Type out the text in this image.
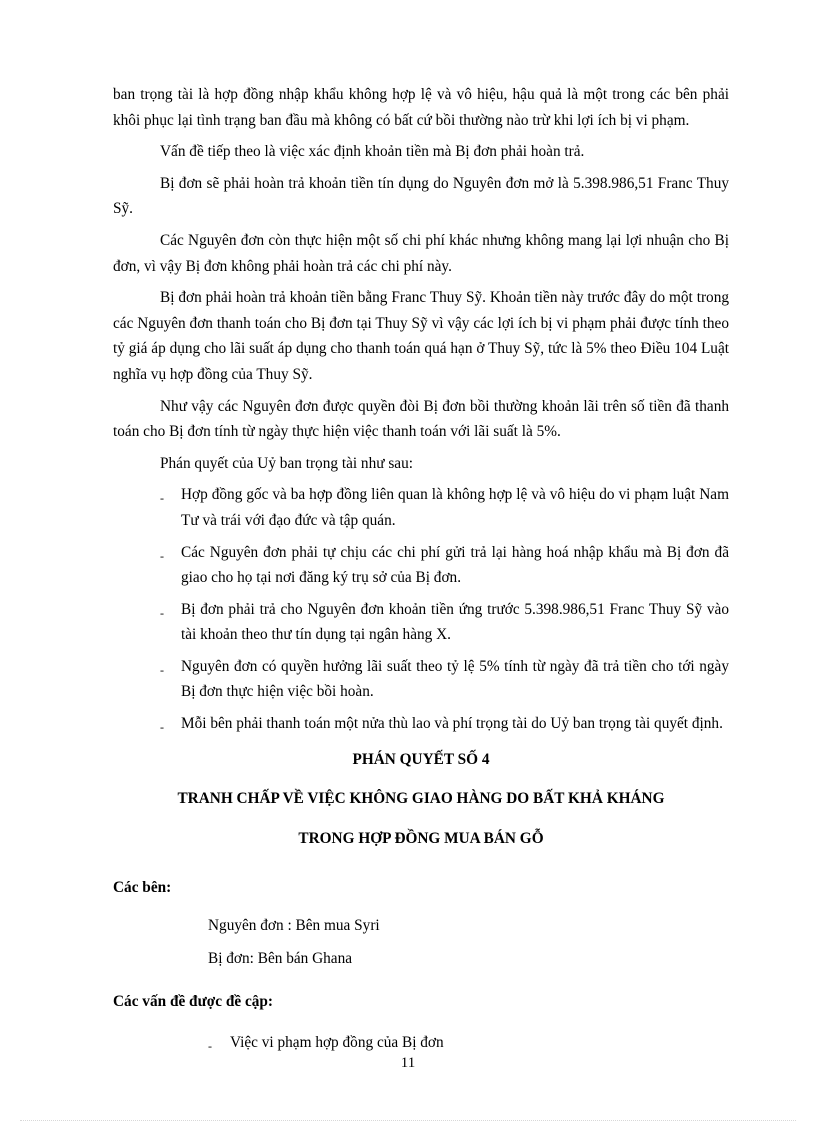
ban trọng tài là hợp đồng nhập khẩu không hợp lệ và vô hiệu, hậu quả là một trong các bên phải khôi phục lại tình trạng ban đầu mà không có bất cứ bồi thường nào trừ khi lợi ích bị vi phạm.

Vấn đề tiếp theo là việc xác định khoản tiền mà Bị đơn phải hoàn trả.

Bị đơn sẽ phải hoàn trả khoản tiền tín dụng do Nguyên đơn mở là 5.398.986,51 Franc Thuy Sỹ.

Các Nguyên đơn còn thực hiện một số chi phí khác nhưng không mang lại lợi nhuận cho Bị đơn, vì vậy Bị đơn không phải hoàn trả các chi phí này.

Bị đơn phải hoàn trả khoản tiền bằng Franc Thuy Sỹ. Khoản tiền này trước đây do một trong các Nguyên đơn thanh toán cho Bị đơn tại Thuy Sỹ vì vậy các lợi ích bị vi phạm phải được tính theo tỷ giá áp dụng cho lãi suất áp dụng cho thanh toán quá hạn ở Thuy Sỹ, tức là 5% theo Điều 104 Luật nghĩa vụ hợp đồng của Thuy Sỹ.

Như vậy các Nguyên đơn được quyền đòi Bị đơn bồi thường khoản lãi trên số tiền đã thanh toán cho Bị đơn tính từ ngày thực hiện việc thanh toán với lãi suất là 5%.

Phán quyết của Uỷ ban trọng tài như sau:

- Hợp đồng gốc và ba hợp đồng liên quan là không hợp lệ và vô hiệu do vi phạm luật Nam Tư và trái với đạo đức và tập quán.
- Các Nguyên đơn phải tự chịu các chi phí gửi trả lại hàng hoá nhập khẩu mà Bị đơn đã giao cho họ tại nơi đăng ký trụ sở của Bị đơn.
- Bị đơn phải trả cho Nguyên đơn khoản tiền ứng trước 5.398.986,51 Franc Thuy Sỹ vào tài khoản theo thư tín dụng tại ngân hàng X.
- Nguyên đơn có quyền hưởng lãi suất theo tỷ lệ 5% tính từ ngày đã trả tiền cho tới ngày Bị đơn thực hiện việc bồi hoàn.
- Mỗi bên phải thanh toán một nửa thù lao và phí trọng tài do Uỷ ban trọng tài quyết định.

PHÁN QUYẾT SỐ 4

TRANH CHẤP VỀ VIỆC KHÔNG GIAO HÀNG DO BẤT KHẢ KHÁNG

TRONG HỢP ĐỒNG MUA BÁN GỖ

Các bên:

Nguyên đơn : Bên mua Syri

Bị đơn: Bên bán Ghana

Các vấn đề được đề cập:

- Việc vi phạm hợp đồng của Bị đơn

11
